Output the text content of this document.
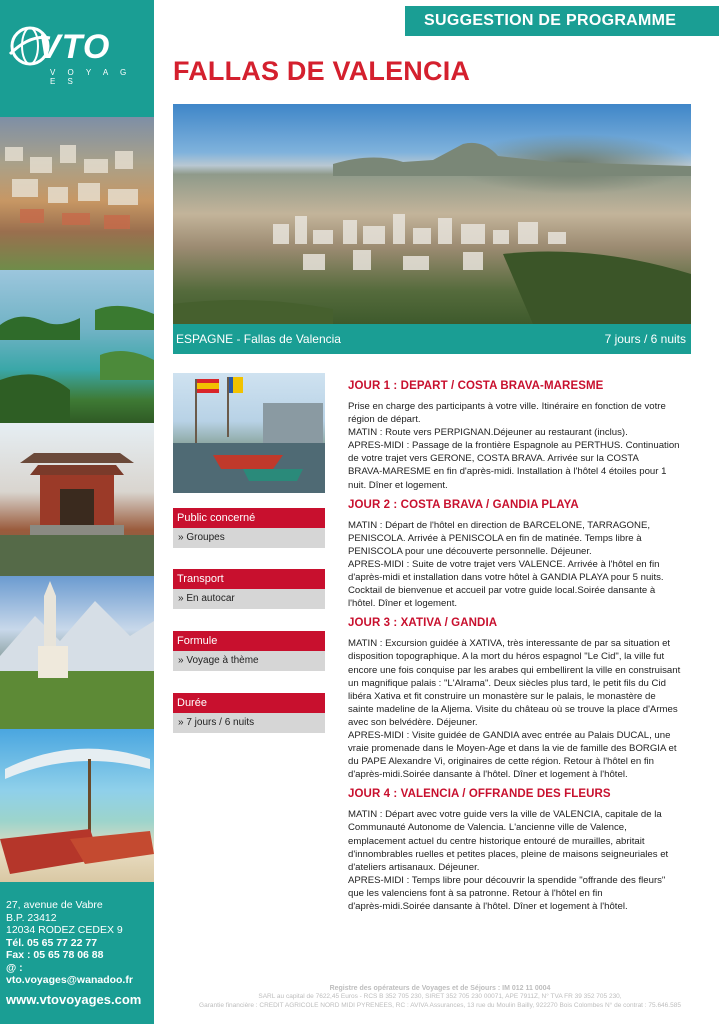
VTO
V O Y A G E S
27, avenue de Vabre
B.P. 23412
12034 RODEZ CEDEX 9
Tél. 05 65 77 22 77
Fax : 05 65 78 06 88
@ : vto.voyages@wanadoo.fr
www.vtovoyages.com
SUGGESTION DE PROGRAMME
FALLAS DE VALENCIA
ESPAGNE - Fallas de Valencia	7 jours / 6 nuits
Public concerné
» Groupes
Transport
» En autocar
Formule
» Voyage à thème
Durée
» 7 jours / 6 nuits
JOUR 1 : DEPART / COSTA BRAVA-MARESME
Prise en charge des participants à votre ville. Itinéraire en fonction de votre
région de départ.
MATIN : Route vers PERPIGNAN.Déjeuner au restaurant (inclus).
APRES-MIDI : Passage de la frontière Espagnole au PERTHUS. Continuation
de votre trajet vers GERONE, COSTA BRAVA. Arrivée sur la COSTA
BRAVA-MARESME en fin d'après-midi. Installation à l'hôtel 4 étoiles pour 1
nuit. Dîner et logement.
JOUR 2 : COSTA BRAVA / GANDIA PLAYA
MATIN : Départ de l'hôtel en direction de BARCELONE, TARRAGONE,
PENISCOLA. Arrivée à PENISCOLA en fin de matinée. Temps libre à
PENISCOLA pour une découverte personnelle. Déjeuner.
APRES-MIDI : Suite de votre trajet vers VALENCE. Arrivée à l'hôtel en fin
d'après-midi et installation dans votre hôtel à GANDIA PLAYA pour 5 nuits.
Cocktail de bienvenue et accueil par votre guide local.Soirée dansante à
l'hôtel. Dîner et logement.
JOUR 3 : XATIVA / GANDIA
MATIN : Excursion guidée à XATIVA, très interessante de par sa situation et
disposition topographique. A la mort du héros espagnol "Le Cid", la ville fut
encore une fois conquise par les arabes qui embellirent la ville en construisant
un magnifique palais : "L'Alrama". Deux siècles plus tard, le petit fils du Cid
libéra Xativa et fit construire un monastère sur le palais, le monastère de
sainte madeline de la Aljema. Visite du château où se trouve la place d'Armes
avec son belvédère. Déjeuner.
APRES-MIDI : Visite guidée de GANDIA avec entrée au Palais DUCAL, une
vraie promenade dans le Moyen-Age et dans la vie de famille des BORGIA et
du PAPE Alexandre Vi, originaires de cette région. Retour à l'hôtel en fin
d'après-midi.Soirée dansante à l'hôtel. Dîner et logement à l'hôtel.
JOUR 4 : VALENCIA / OFFRANDE DES FLEURS
MATIN : Départ avec votre guide vers la ville de VALENCIA, capitale de la
Communauté Autonome de Valencia. L'ancienne ville de Valence,
emplacement actuel du centre historique entouré de murailles, abritait
d'innombrables ruelles et petites places, pleine de maisons seigneuriales et
d'ateliers artisanaux. Déjeuner.
APRES-MIDI : Temps libre pour découvrir la spendide "offrande des fleurs"
que les valenciens font à sa patronne. Retour à l'hôtel en fin
d'après-midi.Soirée dansante à l'hôtel. Dîner et logement à l'hôtel.
Registre des opérateurs de Voyages et de Séjours : IM 012 11 0004
SARL au capital de 7622,45 Euros - RCS B 352 705 230, SIRET 352 705 230 00071, APE 7911Z, N° TVA FR 39 352 705 230,
Garantie financière : CREDIT AGRICOLE NORD MIDI PYRENEES, RC : AVIVA Assurances, 13 rue du Moulin Bailly, 922270 Bois Colombes N° de contrat : 75.646.585
